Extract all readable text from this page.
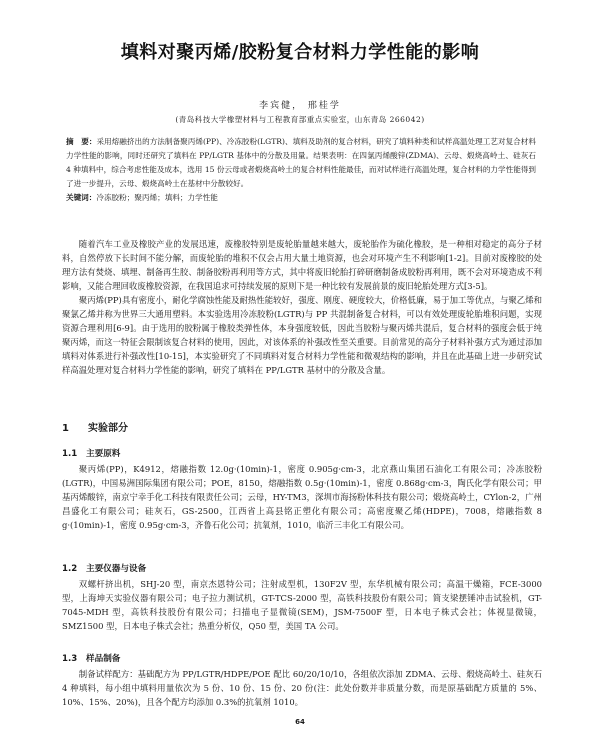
填料对聚丙烯/胶粉复合材料力学性能的影响
李宾健， 邢桂学
(青岛科技大学橡塑材料与工程教育部重点实验室，山东青岛 266042)
摘　要：采用熔融挤出的方法制备聚丙烯(PP)、冷冻胶粉(LGTR)、填料及助剂的复合材料，研究了填料种类和试样高温处理工艺对复合材料力学性能的影响，同时还研究了填料在 PP/LGTR 基体中的分散及用量。结果表明：在四氯丙烯酸锌(ZDMA)、云母、煅烧高岭土、硅灰石 4 种填料中，综合考虑性能及成本，选用 15 份云母或者煅烧高岭土的复合材料性能最佳，而对试样进行高温处理，复合材料的力学性能得到了进一步提升，云母、煅烧高岭土在基材中分散较好。
关键词：冷冻胶粉；聚丙烯；填料；力学性能

随着汽车工业及橡胶产业的发展迅速，废橡胶特别是废轮胎量越来越大，废轮胎作为硫化橡胶，是一种相对稳定的高分子材料，自然停放下长时间不能分解，而废轮胎的堆积不仅会占用大量土地资源，也会对环境产生不利影响[1-2]。目前对废橡胶的处理方法有焚烧、填埋、制备再生胶、制备胶粉再利用等方式，其中将废旧轮胎打碎研磨制备成胶粉再利用，既不会对环境造成不利影响，又能合理回收废橡胶资源，在我国追求可持续发展的原则下是一种比较有发展前景的废旧轮胎处理方式[3-5]。

聚丙烯(PP)具有密度小，耐化学腐蚀性能及耐热性能较好，强度、刚度、硬度较大，价格低廉，易于加工等优点，与聚乙烯和聚氯乙烯并称为世界三大通用塑料。本实验选用冷冻胶粉(LGTR)与 PP 共混制备复合材料，可以有效处理废轮胎堆积问题，实现资源合理利用[6-9]。由于选用的胶粉属于橡胶类弹性体，本身强度较低，因此当胶粉与聚丙烯共混后，复合材料的强度会低于纯聚丙烯，而这一特征会限制该复合材料的使用，因此，对该体系的补强改性至关重要。目前常见的高分子材料补强方式为通过添加填料对体系进行补强改性[10-15]，本实验研究了不同填料对复合材料力学性能和微观结构的影响，并且在此基础上进一步研究试样高温处理对复合材料力学性能的影响，研究了填料在 PP/LGTR 基材中的分散及含量。

1 实验部分
1.1 主要原料

聚丙烯(PP)，K4912，熔融指数 12.0g·(10min)-1，密度 0.905g·cm-3，北京燕山集团石油化工有限公司；冷冻胶粉(LGTR)，中国易洲国际集团有限公司；POE，8150，熔融指数 0.5g·(10min)-1，密度 0.868g·cm-3，陶氏化学有限公司；甲基丙烯酸锌，南京宁幸手化工科技有限责任公司；云母，HY-TM3，深圳市海扬粉体科技有限公司；煅烧高岭土，CYlon-2，广州昌盛化工有限公司；硅灰石，GS-2500，江西省上高县铭正塑化有限公司；高密度聚乙烯(HDPE)，7008，熔融指数 8 g·(10min)-1，密度 0.95g·cm-3，齐鲁石化公司；抗氧剂，1010，临沂三丰化工有限公司。

1.2 主要仪器与设备

双螺杆挤出机，SHJ-20 型，南京杰恩特公司；注射成型机，130F2V 型，东华机械有限公司；高温干燥箱，FCE-3000 型，上海坤天实验仪器有限公司；电子拉力测试机，GT-TCS-2000 型，高铁科技股份有限公司；简支梁摆锤冲击试验机，GT-7045-MDH 型，高铁科技股份有限公司；扫描电子显微镜(SEM)，JSM-7500F 型，日本电子株式会社；体视显微镜，SMZ1500 型，日本电子株式会社；热重分析仪，Q50 型，美国 TA 公司。

1.3 样品制备

制备试样配方：基础配方为 PP/LGTR/HDPE/POE 配比 60/20/10/10，各组依次添加 ZDMA、云母、煅烧高岭土、硅灰石 4 种填料，每小组中填料用量依次为 5 份、10 份、15 份、20 份(注：此处份数并非质量分数，而是原基础配方质量的 5%、10%、15%、20%)，且各个配方均添加 0.3%的抗氧剂 1010。

64
